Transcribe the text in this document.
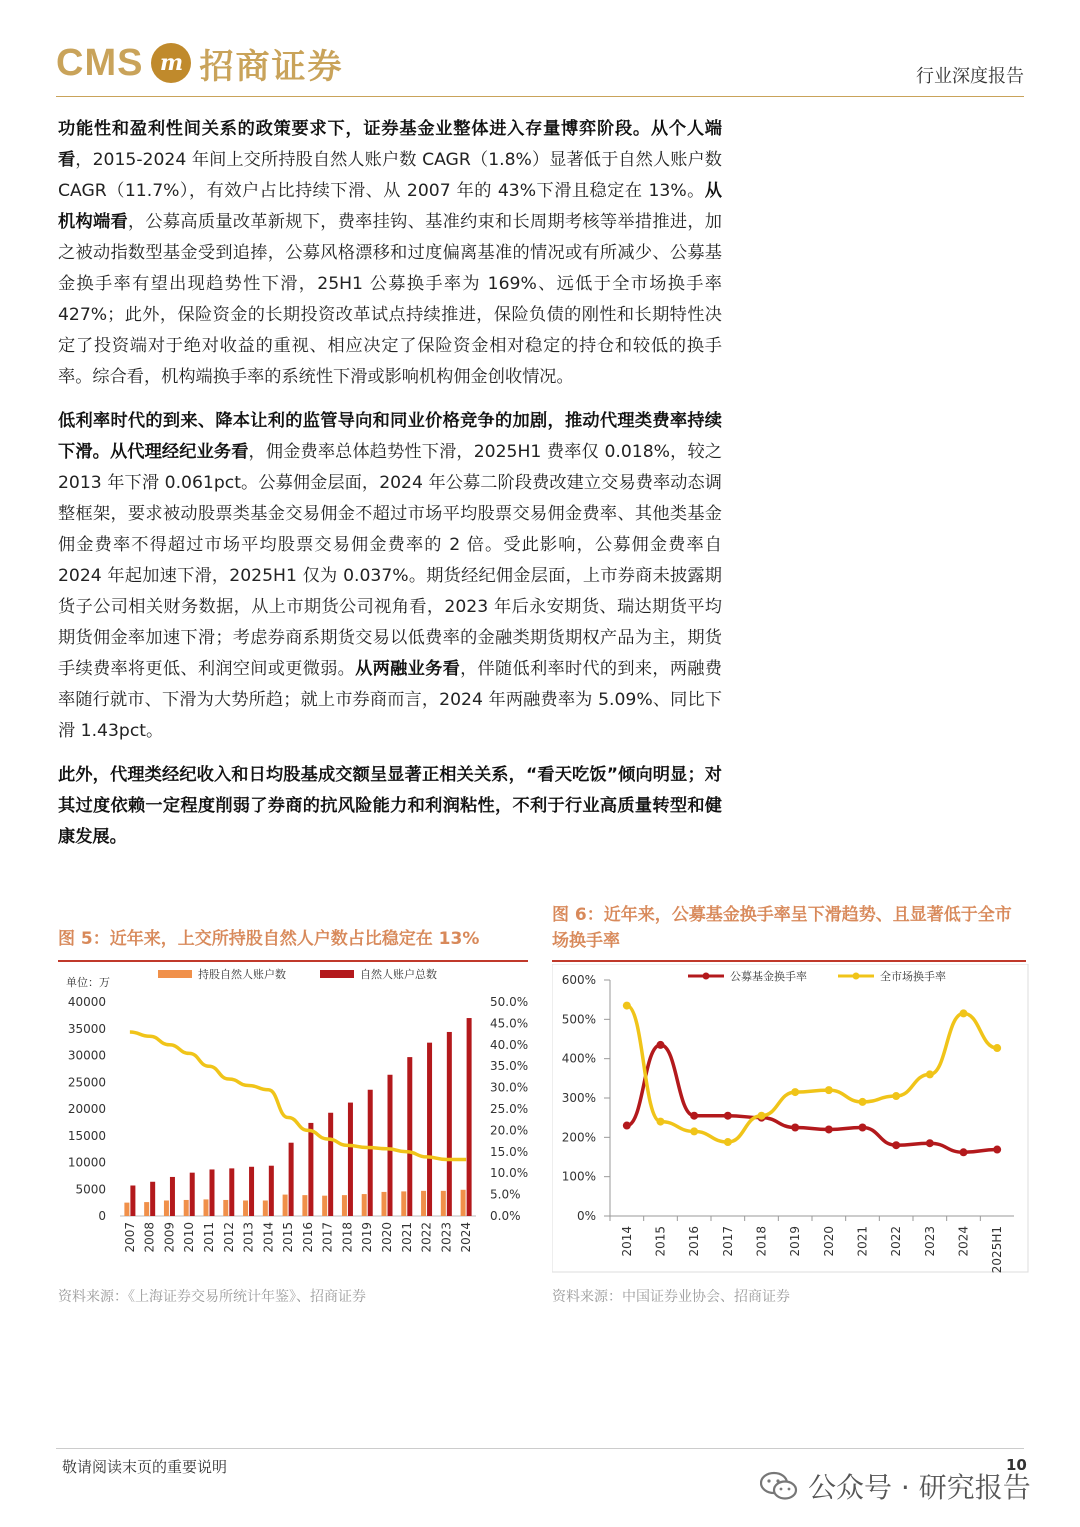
CMS m 招商证券	行业深度报告

功能性和盈利性间关系的政策要求下，证券基金业整体进入存量博弈阶段。从个人端看，2015-2024 年间上交所持股自然人账户数 CAGR（1.8%）显著低于自然人账户数 CAGR（11.7%），有效户占比持续下滑、从 2007 年的 43%下滑且稳定在 13%。从机构端看，公募高质量改革新规下，费率挂钩、基准约束和长周期考核等举措推进，加之被动指数型基金受到追捧，公募风格漂移和过度偏离基准的情况或有所减少、公募基金换手率有望出现趋势性下滑，25H1 公募换手率为 169%、远低于全市场换手率 427%；此外，保险资金的长期投资改革试点持续推进，保险负债的刚性和长期特性决定了投资端对于绝对收益的重视、相应决定了保险资金相对稳定的持仓和较低的换手率。综合看，机构端换手率的系统性下滑或影响机构佣金创收情况。

低利率时代的到来、降本让利的监管导向和同业价格竞争的加剧，推动代理类费率持续下滑。从代理经纪业务看，佣金费率总体趋势性下滑，2025H1 费率仅 0.018%，较之 2013 年下滑 0.061pct。公募佣金层面，2024 年公募二阶段费改建立交易费率动态调整框架，要求被动股票类基金交易佣金不超过市场平均股票交易佣金费率、其他类基金佣金费率不得超过市场平均股票交易佣金费率的 2 倍。受此影响，公募佣金费率自 2024 年起加速下滑，2025H1 仅为 0.037%。期货经纪佣金层面，上市券商未披露期货子公司相关财务数据，从上市期货公司视角看，2023 年后永安期货、瑞达期货平均期货佣金率加速下滑；考虑券商系期货交易以低费率的金融类期货期权产品为主，期货手续费率将更低、利润空间或更微弱。从两融业务看，伴随低利率时代的到来，两融费率随行就市、下滑为大势所趋；就上市券商而言，2024 年两融费率为 5.09%、同比下滑 1.43pct。

此外，代理类经纪收入和日均股基成交额呈显著正相关关系，“看天吃饭”倾向明显；对其过度依赖一定程度削弱了券商的抗风险能力和利润粘性，不利于行业高质量转型和健康发展。

图 5：近年来，上交所持股自然人户数占比稳定在 13%
单位：万
持股自然人账户数	自然人账户总数
40000
35000
30000
25000
20000
15000
10000
5000
0
50.0%
45.0%
40.0%
35.0%
30.0%
25.0%
20.0%
15.0%
10.0%
5.0%
0.0%
2007 2008 2009 2010 2011 2012 2013 2014 2015 2016 2017 2018 2019 2020 2021 2022 2023 2024
资料来源：《上海证券交易所统计年鉴》、招商证券
图 6：近年来，公募基金换手率呈下滑趋势、且显著低于全市场换手率
600%
500%
400%
300%
200%
100%
0%
2014 2015 2016 2017 2018 2019 2020 2021 2022 2023 2024 2025H1
公募基金换手率	全市场换手率
资料来源：中国证券业协会、招商证券
敬请阅读末页的重要说明	10
公众号 · 研究报告
